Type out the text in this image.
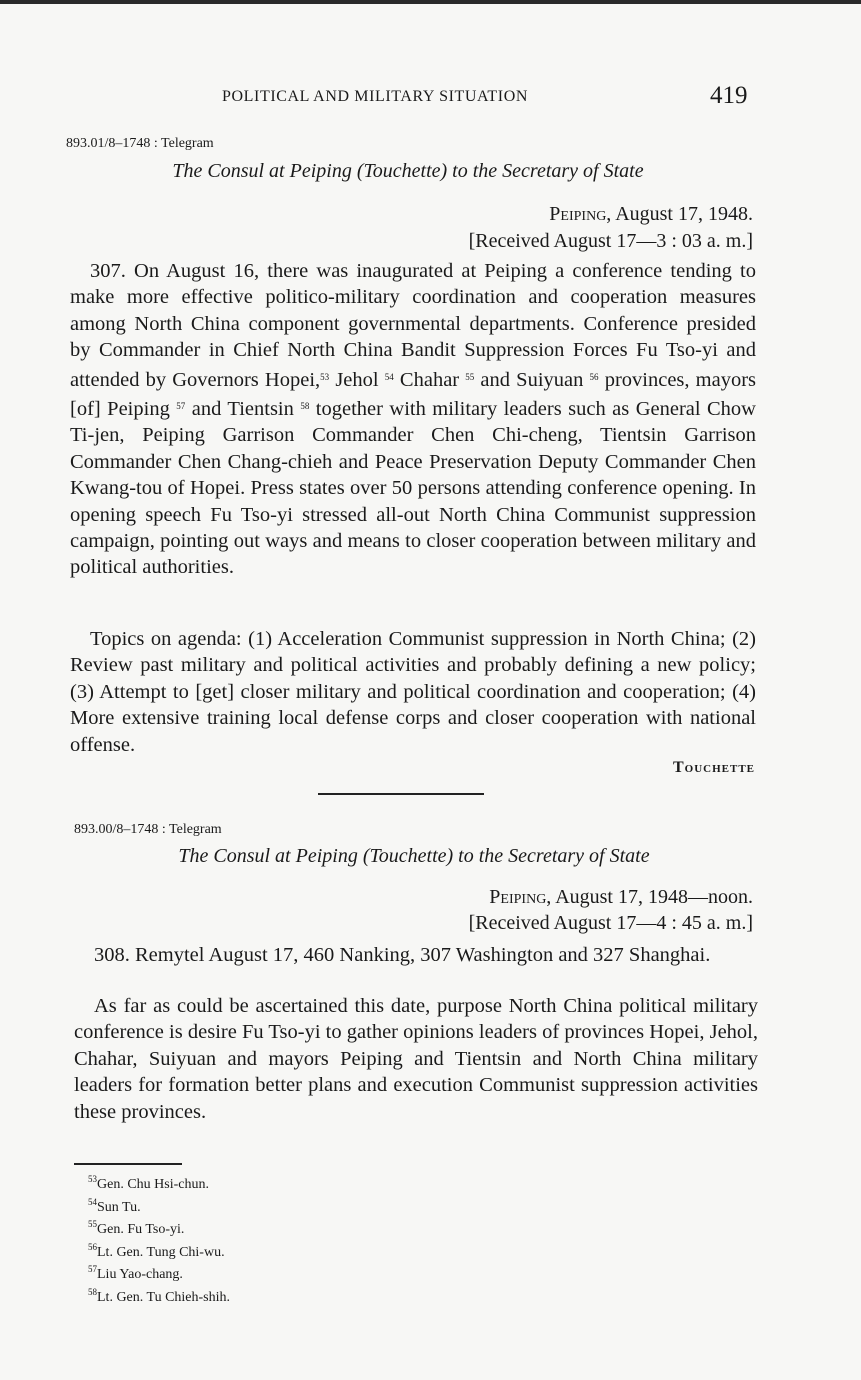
POLITICAL AND MILITARY SITUATION	419
893.01/8–1748 : Telegram
The Consul at Peiping (Touchette) to the Secretary of State
Peiping, August 17, 1948.
[Received August 17—3 : 03 a. m.]
307. On August 16, there was inaugurated at Peiping a conference tending to make more effective politico-military coordination and cooperation measures among North China component governmental departments. Conference presided by Commander in Chief North China Bandit Suppression Forces Fu Tso-yi and attended by Governors Hopei,$^{53}$ Jehol $^{54}$ Chahar $^{55}$ and Suiyuan $^{56}$ provinces, mayors [of] Peiping $^{57}$ and Tientsin $^{58}$ together with military leaders such as General Chow Ti-jen, Peiping Garrison Commander Chen Chi-cheng, Tientsin Garrison Commander Chen Chang-chieh and Peace Preservation Deputy Commander Chen Kwang-tou of Hopei. Press states over 50 persons attending conference opening. In opening speech Fu Tso-yi stressed all-out North China Communist suppression campaign, pointing out ways and means to closer cooperation between military and political authorities.
Topics on agenda: (1) Acceleration Communist suppression in North China; (2) Review past military and political activities and probably defining a new policy; (3) Attempt to [get] closer military and political coordination and cooperation; (4) More extensive training local defense corps and closer cooperation with national offense.
Touchette
893.00/8–1748 : Telegram
The Consul at Peiping (Touchette) to the Secretary of State
Peiping, August 17, 1948—noon.
[Received August 17—4 : 45 a. m.]
308. Remytel August 17, 460 Nanking, 307 Washington and 327 Shanghai.
As far as could be ascertained this date, purpose North China political military conference is desire Fu Tso-yi to gather opinions leaders of provinces Hopei, Jehol, Chahar, Suiyuan and mayors Peiping and Tientsin and North China military leaders for formation better plans and execution Communist suppression activities these provinces.
$^{53}$Gen. Chu Hsi-chun.
$^{54}$Sun Tu.
$^{55}$Gen. Fu Tso-yi.
$^{56}$Lt. Gen. Tung Chi-wu.
$^{57}$Liu Yao-chang.
$^{58}$Lt. Gen. Tu Chieh-shih.
